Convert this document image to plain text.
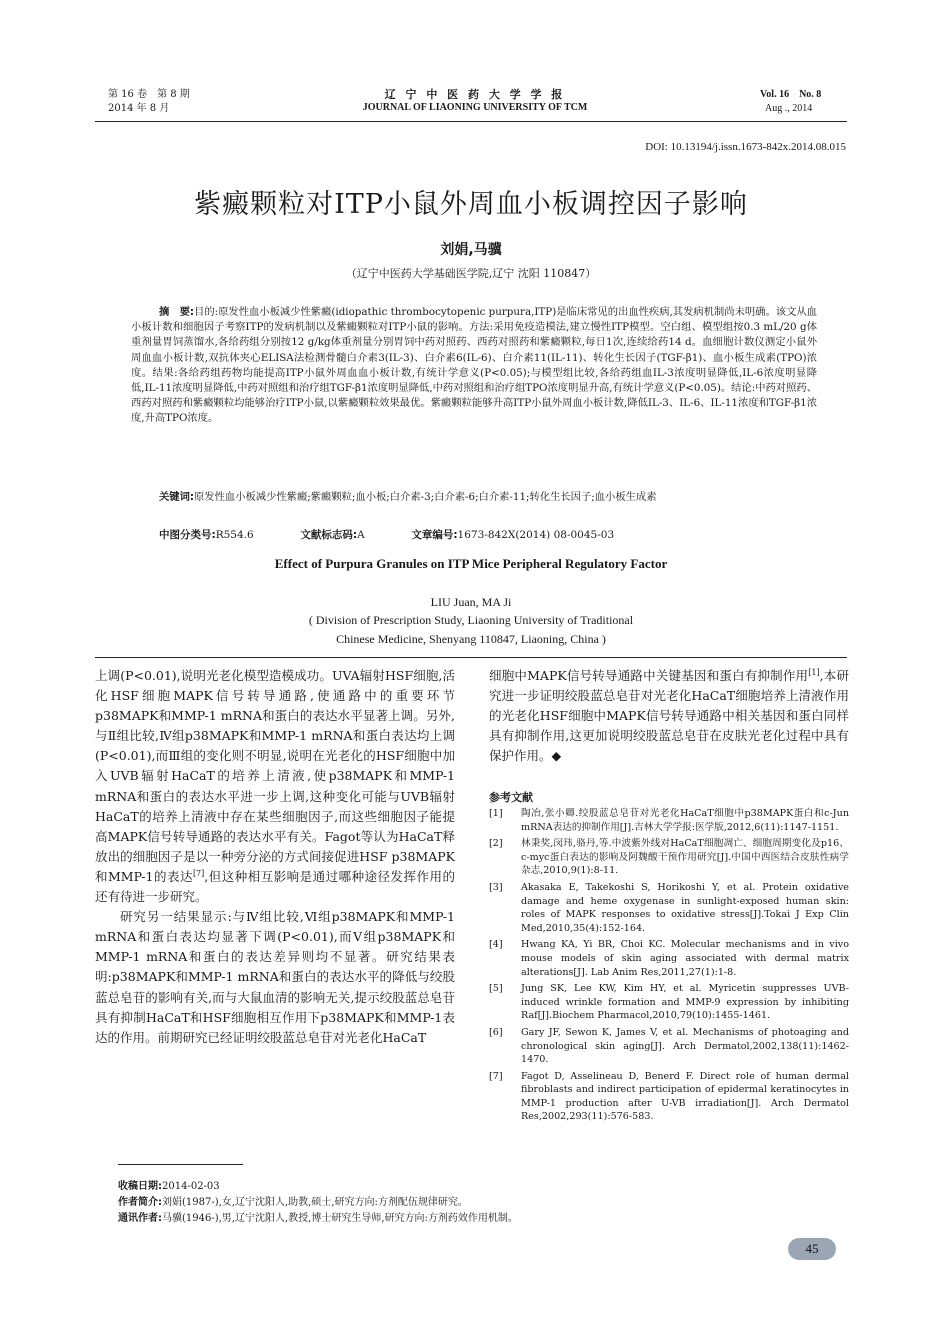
第 16 卷　第 8 期
2014 年 8 月
辽 宁 中 医 药 大 学 学 报
JOURNAL OF LIAONING UNIVERSITY OF TCM
Vol. 16　No. 8
Aug ., 2014
DOI: 10.13194/j.issn.1673-842x.2014.08.015
紫癜颗粒对ITP小鼠外周血小板调控因子影响
刘娟,马骥
（辽宁中医药大学基础医学院,辽宁 沈阳 110847）
摘　要:目的:原发性血小板减少性紫癜(idiopathic thrombocytopenic purpura,ITP)是临床常见的出血性疾病,其发病机制尚未明确。该文从血小板计数和细胞因子考察ITP的发病机制以及紫癜颗粒对ITP小鼠的影响。方法:采用免疫造模法,建立慢性ITP模型。空白组、模型组按0.3 mL/20 g体重剂量胃饲蒸馏水,各给药组分别按12 g/kg体重剂量分别胃饲中药对照药、西药对照药和紫癜颗粒,每日1次,连续给药14 d。血细胞计数仪测定小鼠外周血血小板计数,双抗体夹心ELISA法检测骨髓白介素3(IL-3)、白介素6(IL-6)、白介素11(IL-11)、转化生长因子(TGF-β1)、血小板生成素(TPO)浓度。结果:各给药组药物均能提高ITP小鼠外周血血小板计数,有统计学意义(P<0.05);与模型组比较,各给药组血IL-3浓度明显降低,IL-6浓度明显降低,IL-11浓度明显降低,中药对照组和治疗组TGF-β1浓度明显降低,中药对照组和治疗组TPO浓度明显升高,有统计学意义(P<0.05)。结论:中药对照药、西药对照药和紫癜颗粒均能够治疗ITP小鼠,以紫癜颗粒效果最优。紫癜颗粒能够升高ITP小鼠外周血小板计数,降低IL-3、IL-6、IL-11浓度和TGF-β1浓度,升高TPO浓度。
关键词:原发性血小板减少性紫癜;紫癜颗粒;血小板;白介素-3;白介素-6;白介素-11;转化生长因子;血小板生成素
中图分类号:R554.6	文献标志码:A	文章编号:1673-842X(2014) 08-0045-03
Effect of Purpura Granules on ITP Mice Peripheral Regulatory Factor
LIU Juan, MA Ji
( Division of Prescription Study, Liaoning University of Traditional
Chinese Medicine, Shenyang 110847, Liaoning, China )

上调(P<0.01),说明光老化模型造模成功。UVA辐射HSF细胞,活化HSF细胞MAPK信号转导通路,使通路中的重要环节p38MAPK和MMP-1 mRNA和蛋白的表达水平显著上调。另外,与Ⅱ组比较,Ⅳ组p38MAPK和MMP-1 mRNA和蛋白表达均上调(P<0.01),而Ⅲ组的变化则不明显,说明在光老化的HSF细胞中加入UVB辐射HaCaT的培养上清液,使p38MAPK和MMP-1 mRNA和蛋白的表达水平进一步上调,这种变化可能与UVB辐射HaCaT的培养上清液中存在某些细胞因子,而这些细胞因子能提高MAPK信号转导通路的表达水平有关。Fagot等认为HaCaT释放出的细胞因子是以一种旁分泌的方式间接促进HSF p38MAPK和MMP-1的表达[7],但这种相互影响是通过哪种途径发挥作用的还有待进一步研究。

研究另一结果显示:与Ⅳ组比较,Ⅵ组p38MAPK和MMP-1 mRNA和蛋白表达均显著下调(P<0.01),而Ⅴ组p38MAPK和MMP-1 mRNA和蛋白的表达差异则均不显著。研究结果表明:p38MAPK和MMP-1 mRNA和蛋白的表达水平的降低与绞股蓝总皂苷的影响有关,而与大鼠血清的影响无关,提示绞股蓝总皂苷具有抑制HaCaT和HSF细胞相互作用下p38MAPK和MMP-1表达的作用。前期研究已经证明绞股蓝总皂苷对光老化HaCaT

细胞中MAPK信号转导通路中关键基因和蛋白有抑制作用[1],本研究进一步证明绞股蓝总皂苷对光老化HaCaT细胞培养上清液作用的光老化HSF细胞中MAPK信号转导通路中相关基因和蛋白同样具有抑制作用,这更加说明绞股蓝总皂苷在皮肤光老化过程中具有保护作用。◆

参考文献
[1]	陶冶,张小卿.绞股蓝总皂苷对光老化HaCaT细胞中p38MAPK蛋白和c-Jun mRNA表达的抑制作用[J].吉林大学学报:医学版,2012,6(11):1147-1151.
[2]	林秉奖,闵玮,骆丹,等.中波紫外线对HaCaT细胞凋亡、细胞周期变化及p16、c-myc蛋白表达的影响及阿魏酸干预作用研究[J].中国中西医结合皮肤性病学杂志,2010,9(1):8-11.
[3]	Akasaka E, Takekoshi S, Horikoshi Y, et al. Protein oxidative damage and heme oxygenase in sunlight-exposed human skin: roles of MAPK responses to oxidative stress[J].Tokai J Exp Clin Med,2010,35(4):152-164.
[4]	Hwang KA, Yi BR, Choi KC. Molecular mechanisms and in vivo mouse models of skin aging associated with dermal matrix alterations[J]. Lab Anim Res,2011,27(1):1-8.
[5]	Jung SK, Lee KW, Kim HY, et al. Myricetin suppresses UVB-induced wrinkle formation and MMP-9 expression by inhibiting Raf[J].Biochem Pharmacol,2010,79(10):1455-1461.
[6]	Gary JF, Sewon K, James V, et al. Mechanisms of photoaging and chronological skin aging[J]. Arch Dermatol,2002,138(11):1462-1470.
[7]	Fagot D, Asselineau D, Benerd F. Direct role of human dermal fibroblasts and indirect participation of epidermal keratinocytes in MMP-1 production after U-VB irradiation[J]. Arch Dermatol Res,2002,293(11):576-583.
收稿日期:2014-02-03
作者简介:刘娟(1987-),女,辽宁沈阳人,助教,硕士,研究方向:方剂配伍规律研究。
通讯作者:马骥(1946-),男,辽宁沈阳人,教授,博士研究生导师,研究方向:方剂药效作用机制。
45
